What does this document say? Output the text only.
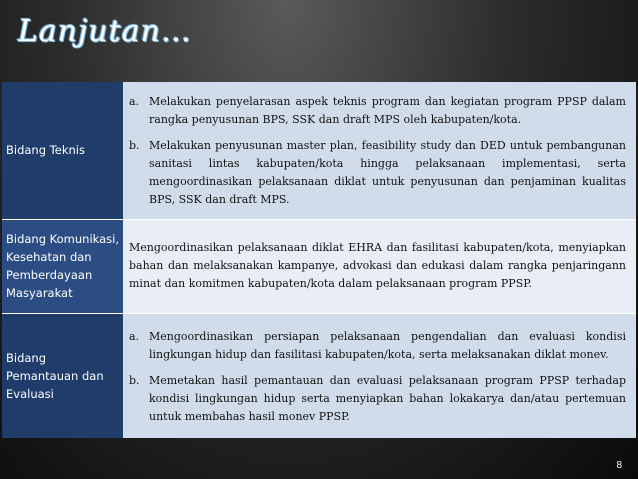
Lanjutan…
Bidang Teknis	a. Melakukan penyelarasan aspek teknis program dan kegiatan program PPSP dalam rangka penyusunan BPS, SSK dan draft MPS oleh kabupaten/kota.
b. Melakukan penyusunan master plan, feasibility study dan DED untuk pembangunan sanitasi lintas kabupaten/kota hingga pelaksanaan implementasi, serta mengoordinasikan pelaksanaan diklat untuk penyusunan dan penjaminan kualitas BPS, SSK dan draft MPS.

Bidang Komunikasi, Kesehatan dan Pemberdayaan Masyarakat	Mengoordinasikan pelaksanaan diklat EHRA dan fasilitasi kabupaten/kota, menyiapkan bahan dan melaksanakan kampanye, advokasi dan edukasi dalam rangka penjaringann minat dan komitmen kabupaten/kota dalam pelaksanaan program PPSP.
Bidang Pemantauan dan Evaluasi	a. Mengoordinasikan persiapan pelaksanaan pengendalian dan evaluasi kondisi lingkungan hidup dan fasilitasi kabupaten/kota, serta melaksanakan diklat monev.
b. Memetakan hasil pemantauan dan evaluasi pelaksanaan program PPSP terhadap kondisi lingkungan hidup serta menyiapkan bahan lokakarya dan/atau pertemuan untuk membahas hasil monev PPSP.
8
